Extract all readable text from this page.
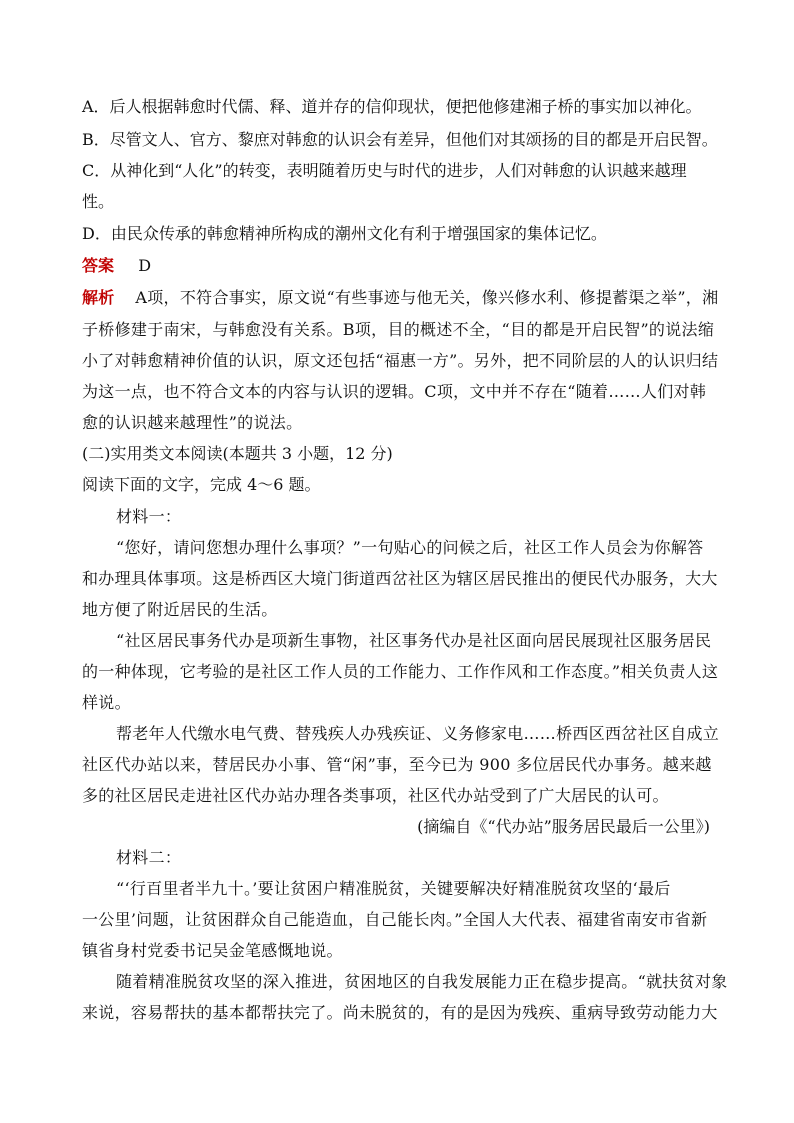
A．后人根据韩愈时代儒、释、道并存的信仰现状，便把他修建湘子桥的事实加以神化。
B．尽管文人、官方、黎庶对韩愈的认识会有差异，但他们对其颂扬的目的都是开启民智。
C．从神化到“人化”的转变，表明随着历史与时代的进步，人们对韩愈的认识越来越理
性。
D．由民众传承的韩愈精神所构成的潮州文化有利于增强国家的集体记忆。
答案 D
解析 A项，不符合事实，原文说“有些事迹与他无关，像兴修水利、修提蓄渠之举”，湘
子桥修建于南宋，与韩愈没有关系。B项，目的概述不全，“目的都是开启民智”的说法缩
小了对韩愈精神价值的认识，原文还包括“福惠一方”。另外，把不同阶层的人的认识归结
为这一点，也不符合文本的内容与认识的逻辑。C项，文中并不存在“随着……人们对韩
愈的认识越来越理性”的说法。
(二)实用类文本阅读(本题共 3 小题，12 分)
阅读下面的文字，完成 4～6 题。
材料一：
“您好，请问您想办理什么事项？”一句贴心的问候之后，社区工作人员会为你解答
和办理具体事项。这是桥西区大境门街道西岔社区为辖区居民推出的便民代办服务，大大
地方便了附近居民的生活。
“社区居民事务代办是项新生事物，社区事务代办是社区面向居民展现社区服务居民
的一种体现，它考验的是社区工作人员的工作能力、工作作风和工作态度。”相关负责人这
样说。
帮老年人代缴水电气费、替残疾人办残疾证、义务修家电……桥西区西岔社区自成立
社区代办站以来，替居民办小事、管“闲”事，至今已为 900 多位居民代办事务。越来越
多的社区居民走进社区代办站办理各类事项，社区代办站受到了广大居民的认可。
(摘编自《“代办站”服务居民最后一公里》)
材料二：
“‘行百里者半九十。’要让贫困户精准脱贫，关键要解决好精准脱贫攻坚的‘最后
一公里’问题，让贫困群众自己能造血，自己能长肉。”全国人大代表、福建省南安市省新
镇省身村党委书记吴金笔感慨地说。
随着精准脱贫攻坚的深入推进，贫困地区的自我发展能力正在稳步提高。“就扶贫对象
来说，容易帮扶的基本都帮扶完了。尚未脱贫的，有的是因为残疾、重病导致劳动能力大
